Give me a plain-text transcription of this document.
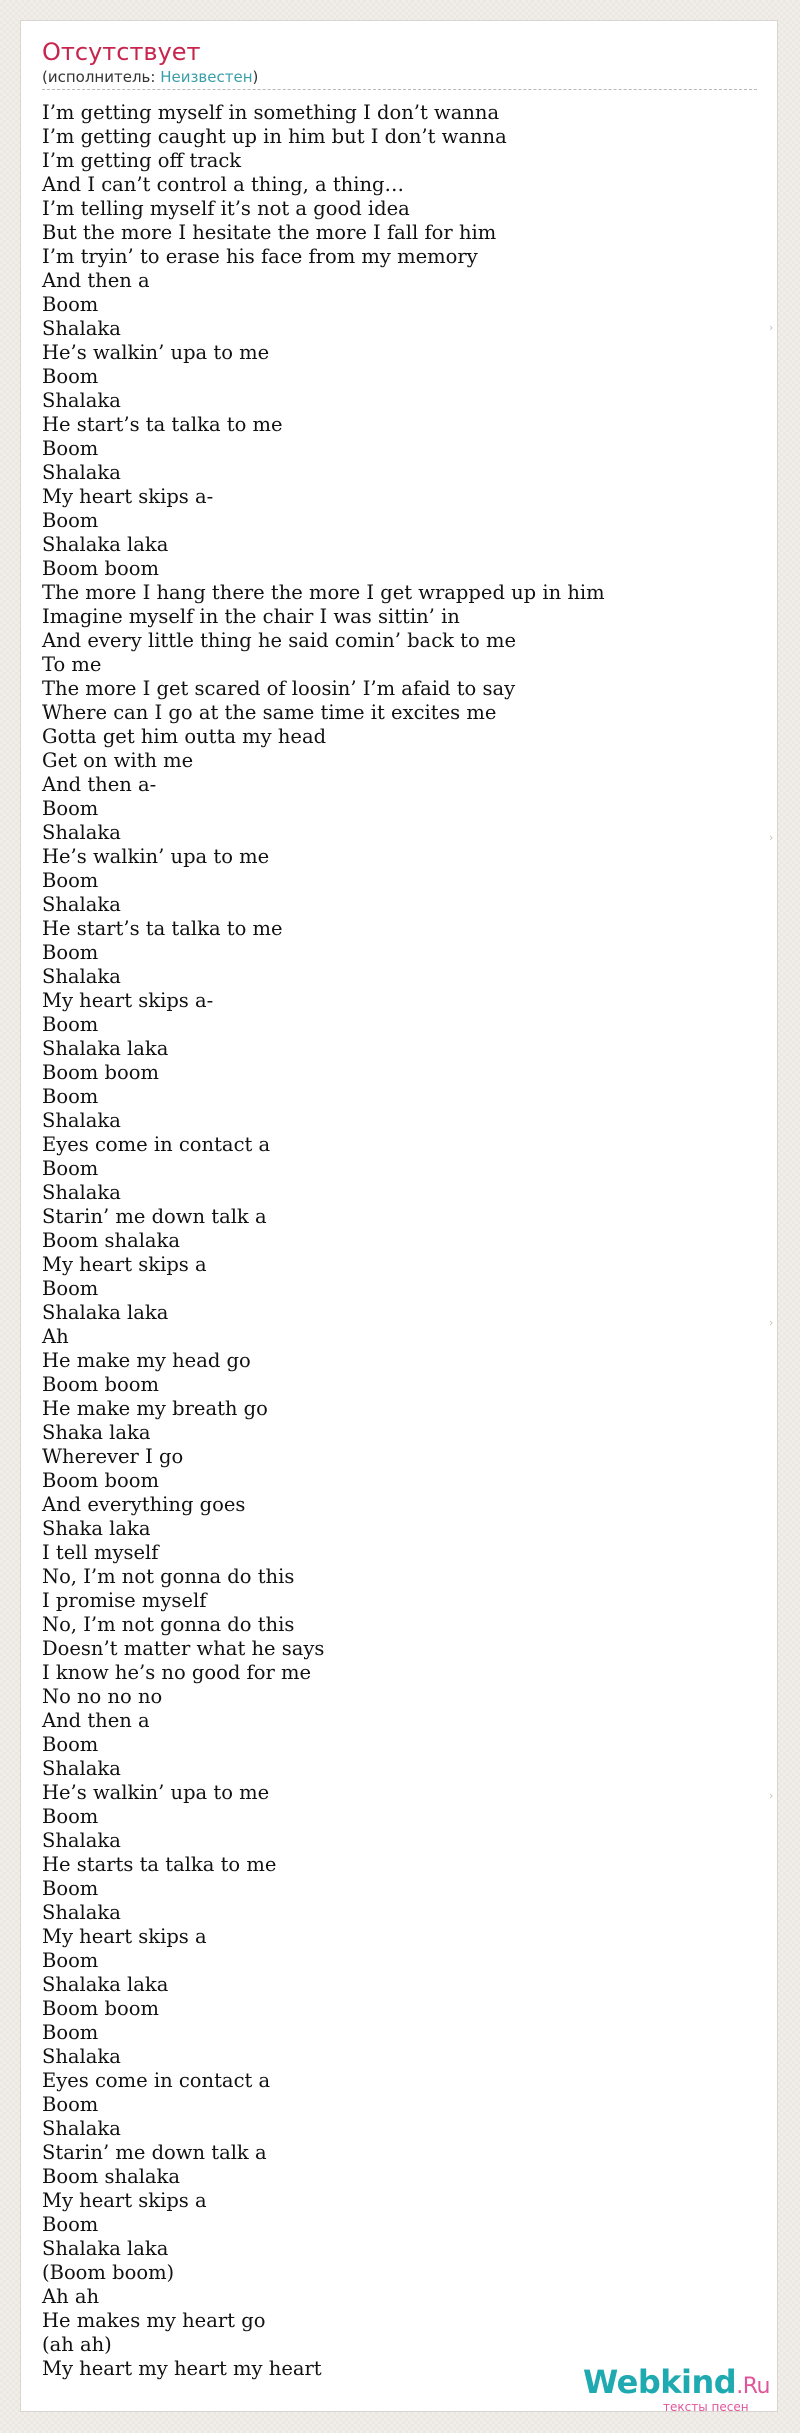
Отсутствует
(исполнитель: Неизвестен)
I’m getting myself in something I don’t wanna
I’m getting caught up in him but I don’t wanna
I’m getting off track
And I can’t control a thing, a thing…
I’m telling myself it’s not a good idea
But the more I hesitate the more I fall for him
I’m tryin’ to erase his face from my memory
And then a
Boom
Shalaka
He’s walkin’ upa to me
Boom
Shalaka
He start’s ta talka to me
Boom
Shalaka
My heart skips a-
Boom
Shalaka laka
Boom boom
The more I hang there the more I get wrapped up in him
Imagine myself in the chair I was sittin’ in
And every little thing he said comin’ back to me
To me
The more I get scared of loosin’ I’m afaid to say
Where can I go at the same time it excites me
Gotta get him outta my head
Get on with me
And then a-
Boom
Shalaka
He’s walkin’ upa to me
Boom
Shalaka
He start’s ta talka to me
Boom
Shalaka
My heart skips a-
Boom
Shalaka laka
Boom boom
Boom
Shalaka
Eyes come in contact a
Boom
Shalaka
Starin’ me down talk a
Boom shalaka
My heart skips a
Boom
Shalaka laka
Ah
He make my head go
Boom boom
He make my breath go
Shaka laka
Wherever I go
Boom boom
And everything goes
Shaka laka
I tell myself
No, I’m not gonna do this
I promise myself
No, I’m not gonna do this
Doesn’t matter what he says
I know he’s no good for me
No no no no
And then a
Boom
Shalaka
He’s walkin’ upa to me
Boom
Shalaka
He starts ta talka to me
Boom
Shalaka
My heart skips a
Boom
Shalaka laka
Boom boom
Boom
Shalaka
Eyes come in contact a
Boom
Shalaka
Starin’ me down talk a
Boom shalaka
My heart skips a
Boom
Shalaka laka
(Boom boom)
Ah ah
He makes my heart go
(ah ah)
My heart my heart my heart	Webkind.Ru
тексты песен
›
›
›
›
